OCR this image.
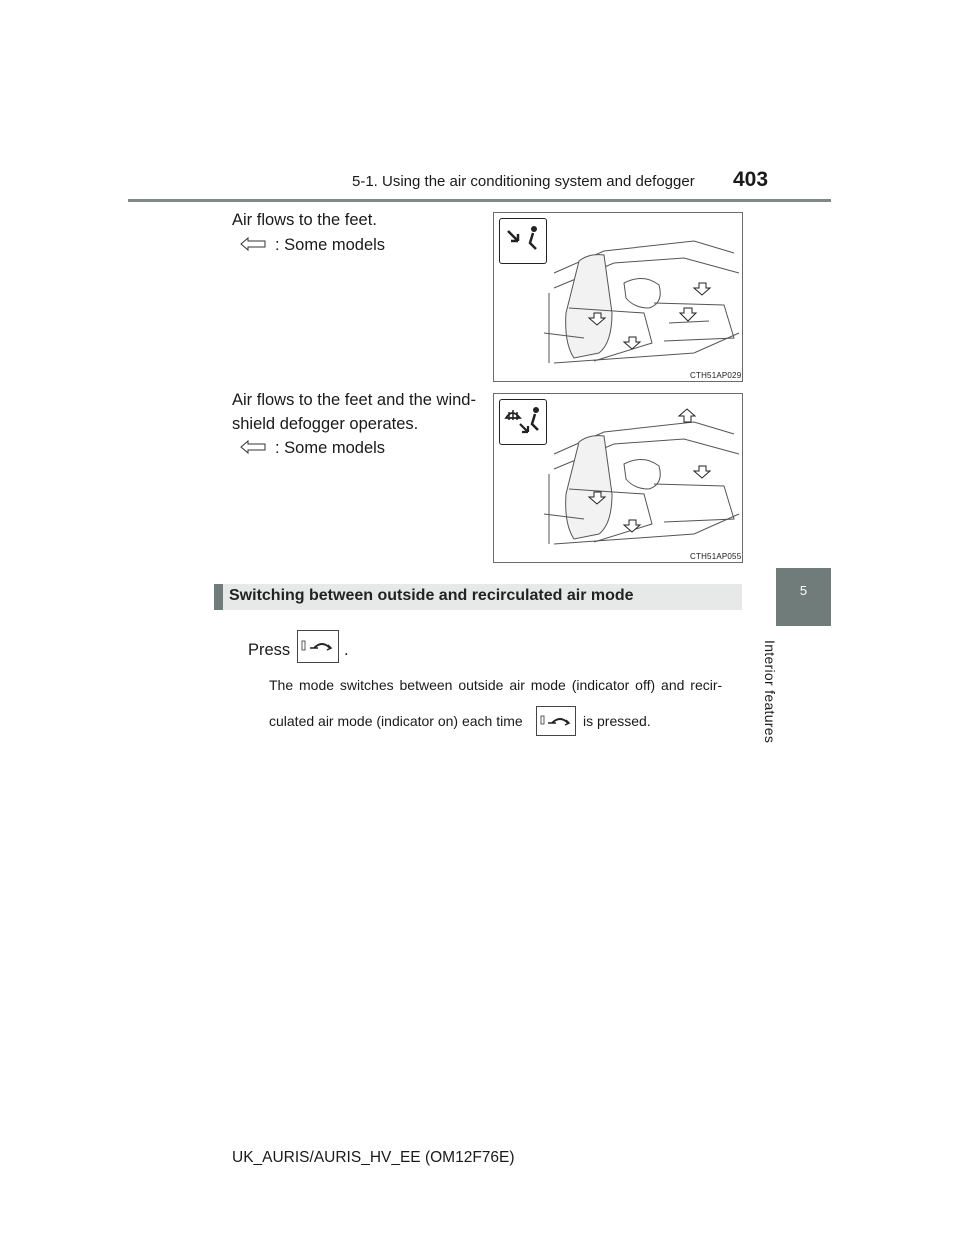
5-1. Using the air conditioning system and defogger 403
5
Interior features
Air flows to the feet.
: Some models
CTH51AP029
Air flows to the feet and the wind-
shield defogger operates.
: Some models
CTH51AP055
Switching between outside and recirculated air mode
Press	.
The mode switches between outside air mode (indicator off) and recir-
culated air mode (indicator on) each time	is pressed.
UK_AURIS/AURIS_HV_EE (OM12F76E)
